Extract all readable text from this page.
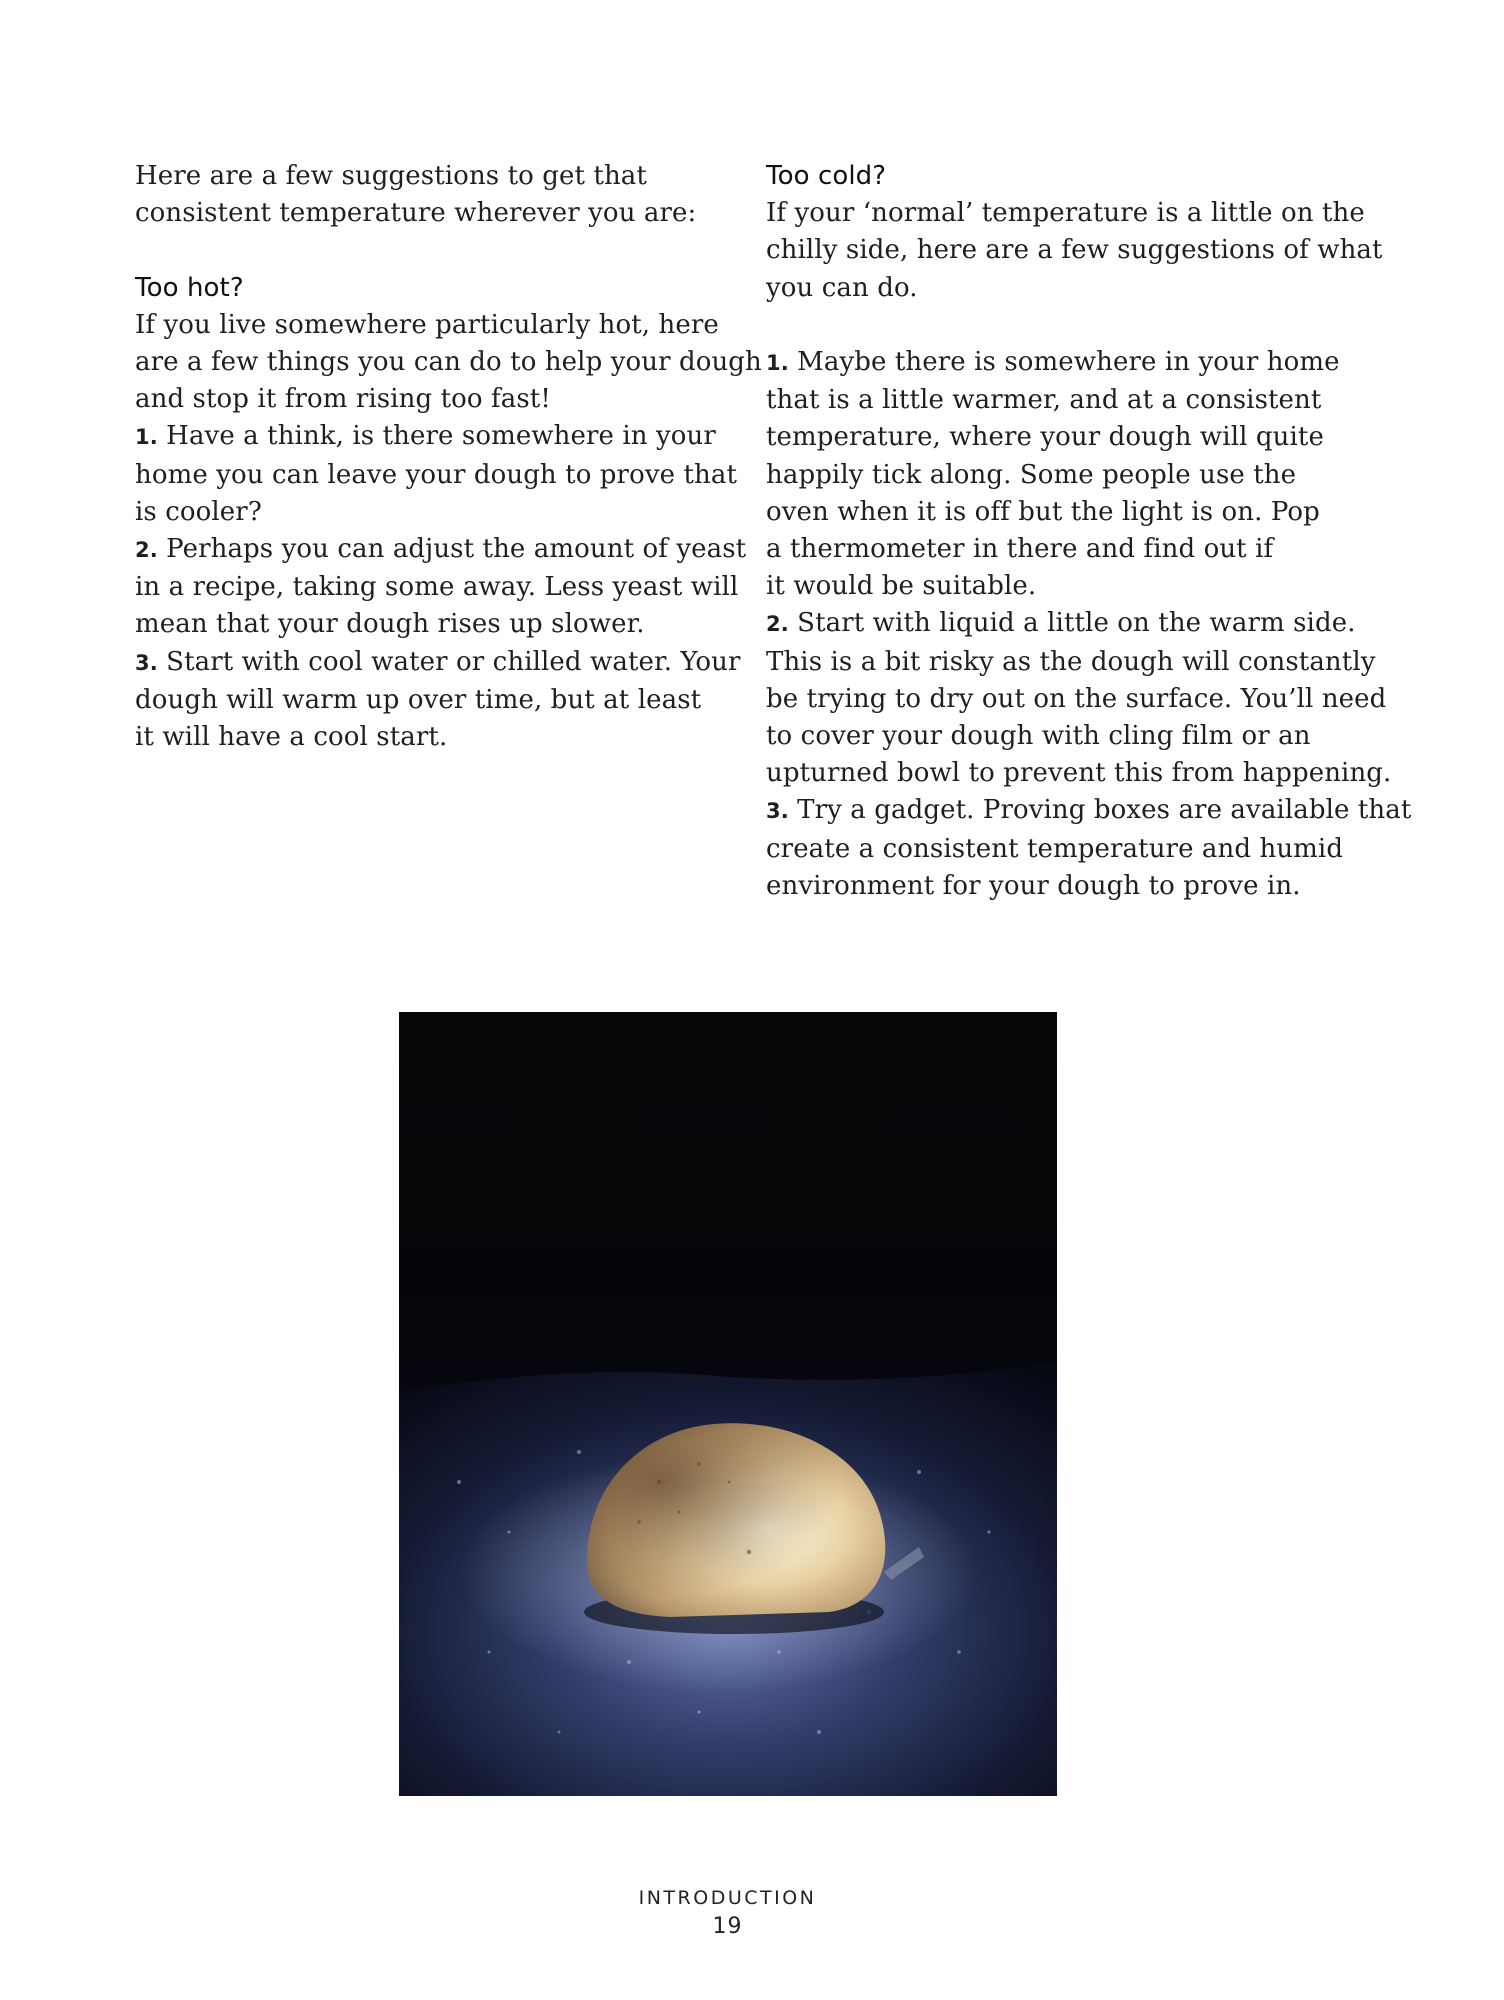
Here are a few suggestions to get that
consistent temperature wherever you are:
Too hot?
If you live somewhere particularly hot, here
are a few things you can do to help your dough
and stop it from rising too fast!
1. Have a think, is there somewhere in your
home you can leave your dough to prove that
is cooler?
2. Perhaps you can adjust the amount of yeast
in a recipe, taking some away. Less yeast will
mean that your dough rises up slower.
3. Start with cool water or chilled water. Your
dough will warm up over time, but at least
it will have a cool start.
Too cold?
If your ‘normal’ temperature is a little on the
chilly side, here are a few suggestions of what
you can do.
1. Maybe there is somewhere in your home
that is a little warmer, and at a consistent
temperature, where your dough will quite
happily tick along. Some people use the
oven when it is off but the light is on. Pop
a thermometer in there and find out if
it would be suitable.
2. Start with liquid a little on the warm side.
This is a bit risky as the dough will constantly
be trying to dry out on the surface. You’ll need
to cover your dough with cling film or an
upturned bowl to prevent this from happening.
3. Try a gadget. Proving boxes are available that
create a consistent temperature and humid
environment for your dough to prove in.
INTRODUCTION
19
